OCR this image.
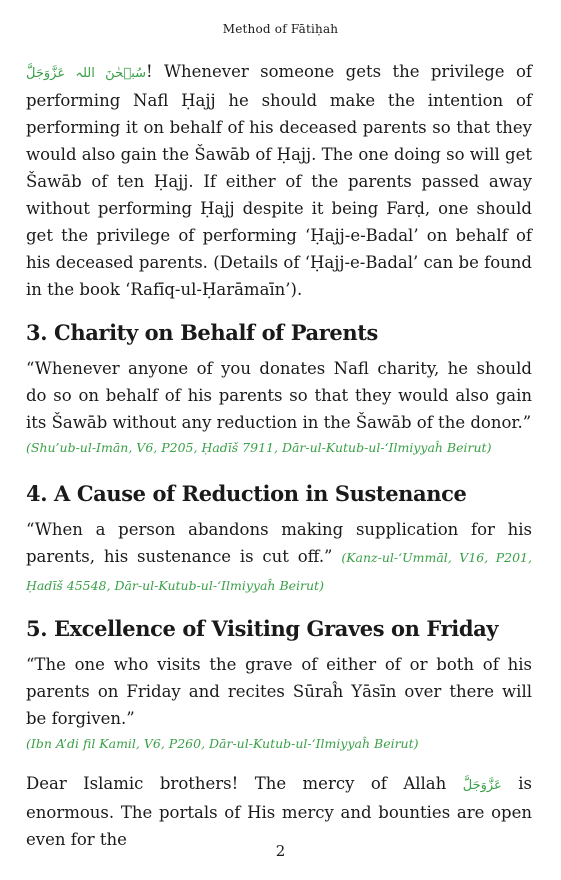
Method of Fātiḥah

سُبۡحٰنَ اللہ عَزَّوَجَلَّ! Whenever someone gets the privilege of performing Nafl Ḥajj he should make the intention of performing it on behalf of his deceased parents so that they would also gain the Šawāb of Ḥajj. The one doing so will get Šawāb of ten Ḥajj. If either of the parents passed away without performing Ḥajj despite it being Farḍ, one should get the privilege of performing ‘Ḥajj-e-Badal’ on behalf of his deceased parents. (Details of ‘Ḥajj-e-Badal’ can be found in the book ‘Rafīq-ul-Ḥarāmaīn’).

3. Charity on Behalf of Parents

“Whenever anyone of you donates Nafl charity, he should do so on behalf of his parents so that they would also gain its Šawāb without any reduction in the Šawāb of the donor.”

(Shu’ub-ul-Imān, V6, P205, Ḥadīš 7911, Dār-ul-Kutub-ul-‘Ilmiyyaĥ Beirut)

4. A Cause of Reduction in Sustenance

“When a person abandons making supplication for his parents, his sustenance is cut off.” (Kanz-ul-‘Ummāl, V16, P201, Ḥadīš 45548, Dār-ul-Kutub-ul-‘Ilmiyyaĥ Beirut)

5. Excellence of Visiting Graves on Friday

“The one who visits the grave of either of or both of his parents on Friday and recites Sūraĥ Yāsīn over there will be forgiven.”

(Ibn A’di fil Kamil, V6, P260, Dār-ul-Kutub-ul-‘Ilmiyyaĥ Beirut)

Dear Islamic brothers! The mercy of Allah عَزَّوَجَلَّ is enormous. The portals of His mercy and bounties are open even for the

2
